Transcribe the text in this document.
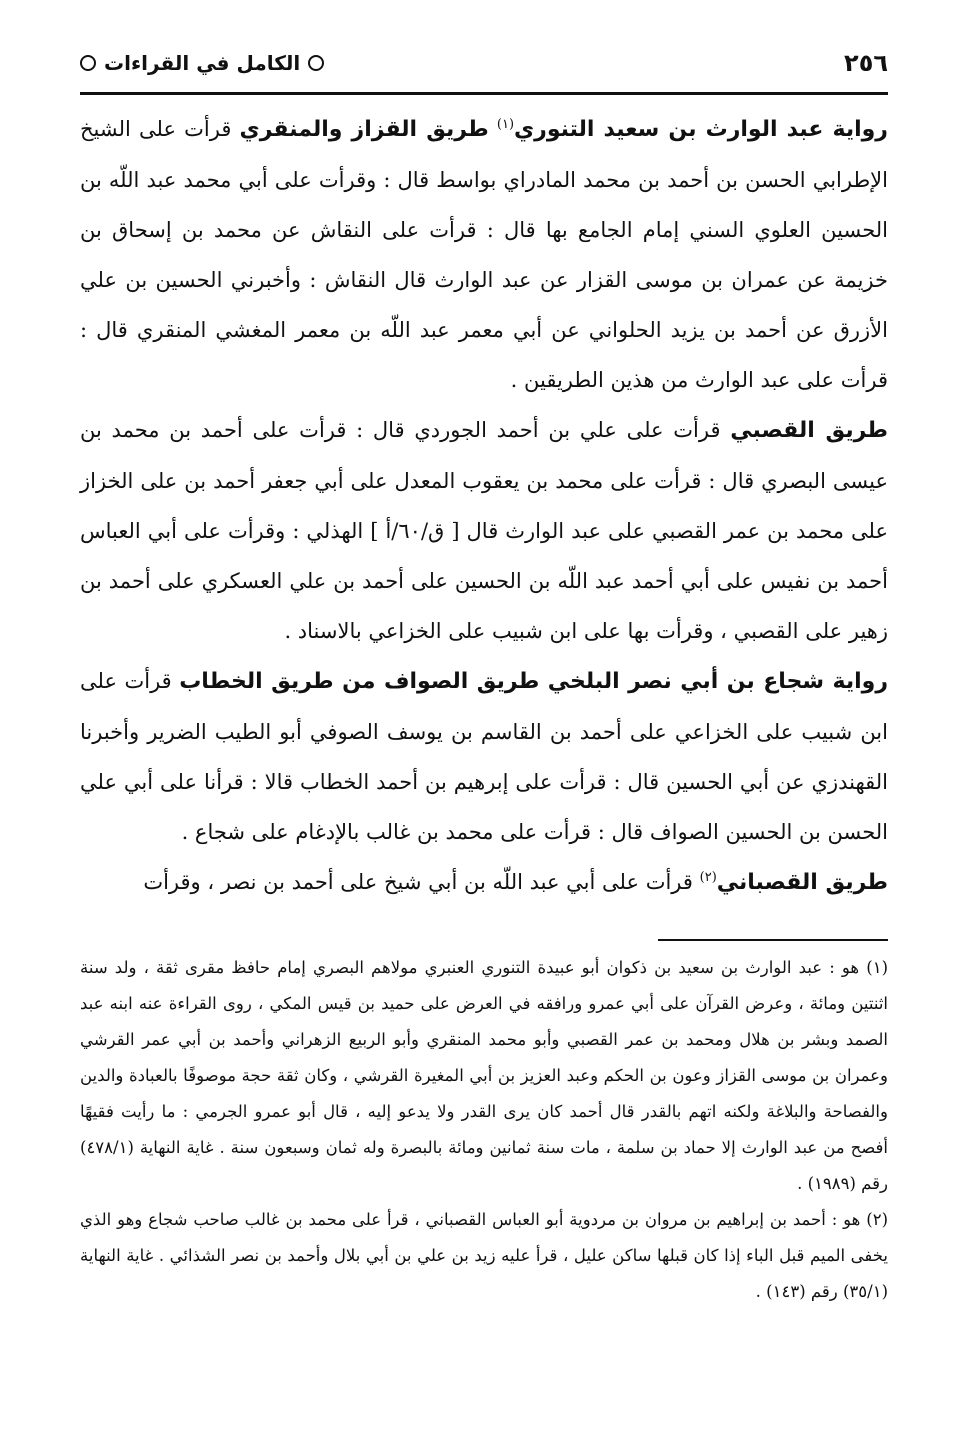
٢٥٦
الكامل في القراءات

رواية عبد الوارث بن سعيد التنوري$^{(١)}$ طريق القزاز والمنقري قرأت على الشيخ الإطرابي الحسن بن أحمد بن محمد المادراي بواسط قال : وقرأت على أبي محمد عبد اللّه بن الحسين العلوي السني إمام الجامع بها قال : قرأت على النقاش عن محمد بن إسحاق بن خزيمة عن عمران بن موسى القزار عن عبد الوارث قال النقاش : وأخبرني الحسين بن علي الأزرق عن أحمد بن يزيد الحلواني عن أبي معمر عبد اللّه بن معمر المغشي المنقري قال : قرأت على عبد الوارث من هذين الطريقين .

طريق القصبي قرأت على علي بن أحمد الجوردي قال : قرأت على أحمد بن محمد بن عيسى البصري قال : قرأت على محمد بن يعقوب المعدل على أبي جعفر أحمد بن على الخزاز على محمد بن عمر القصبي على عبد الوارث قال [ ق/٦٠/أ ] الهذلي : وقرأت على أبي العباس أحمد بن نفيس على أبي أحمد عبد اللّه بن الحسين على أحمد بن علي العسكري على أحمد بن زهير على القصبي ، وقرأت بها على ابن شبيب على الخزاعي بالاسناد .

رواية شجاع بن أبي نصر البلخي طريق الصواف من طريق الخطاب قرأت على ابن شبيب على الخزاعي على أحمد بن القاسم بن يوسف الصوفي أبو الطيب الضرير وأخبرنا القهندزي عن أبي الحسين قال : قرأت على إبرهيم بن أحمد الخطاب قالا : قرأنا على أبي علي الحسن بن الحسين الصواف قال : قرأت على محمد بن غالب بالإدغام على شجاع .

طريق القصباني$^{(٢)}$ قرأت على أبي عبد اللّه بن أبي شيخ على أحمد بن نصر ، وقرأت

(١) هو : عبد الوارث بن سعيد بن ذكوان أبو عبيدة التنوري العنبري مولاهم البصري إمام حافظ مقرى ثقة ، ولد سنة اثنتين ومائة ، وعرض القرآن على أبي عمرو ورافقه في العرض على حميد بن قيس المكي ، روى القراءة عنه ابنه عبد الصمد وبشر بن هلال ومحمد بن عمر القصبي وأبو محمد المنقري وأبو الربيع الزهراني وأحمد بن أبي عمر القرشي وعمران بن موسى القزاز وعون بن الحكم وعبد العزيز بن أبي المغيرة القرشي ، وكان ثقة حجة موصوفًا بالعبادة والدين والفصاحة والبلاغة ولكنه اتهم بالقدر قال أحمد كان يرى القدر ولا يدعو إليه ، قال أبو عمرو الجرمي : ما رأيت فقيهًا أفصح من عبد الوارث إلا حماد بن سلمة ، مات سنة ثمانين ومائة بالبصرة وله ثمان وسبعون سنة . غاية النهاية (٤٧٨/١) رقم (١٩٨٩) .

(٢) هو : أحمد بن إبراهيم بن مروان بن مردوية أبو العباس القصباني ، قرأ على محمد بن غالب صاحب شجاع وهو الذي يخفى الميم قبل الباء إذا كان قبلها ساكن عليل ، قرأ عليه زيد بن علي بن أبي بلال وأحمد بن نصر الشذائي . غاية النهاية (٣٥/١) رقم (١٤٣) .
